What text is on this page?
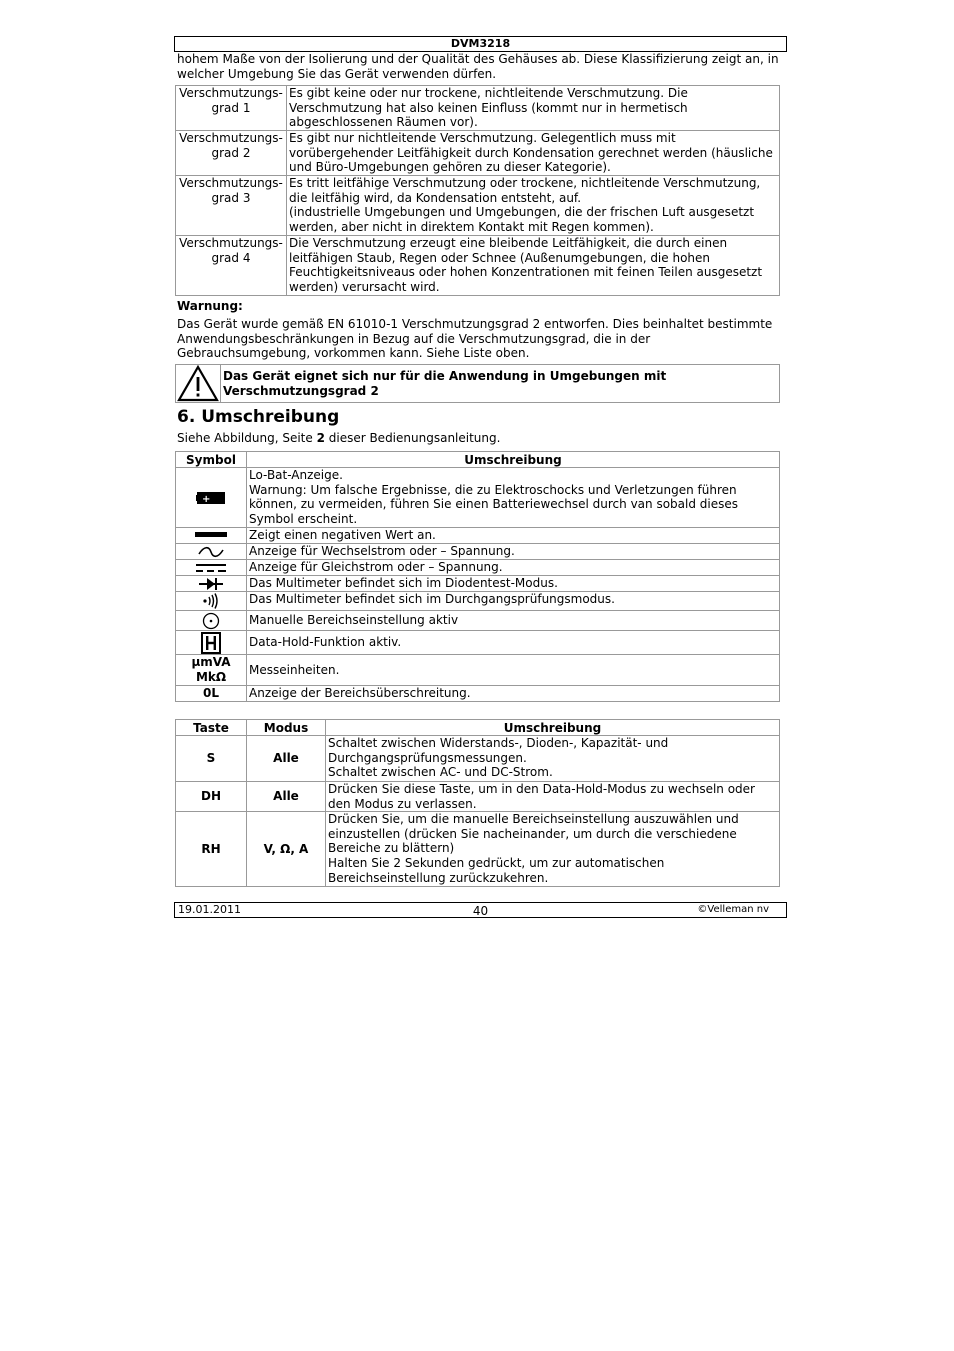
DVM3218

hohem Maße von der Isolierung und der Qualität des Gehäuses ab. Diese Klassifizierung zeigt an, in welcher Umgebung Sie das Gerät verwenden dürfen.

Verschmutzungs-
grad 1	Es gibt keine oder nur trockene, nichtleitende Verschmutzung. Die Verschmutzung hat also keinen Einfluss (kommt nur in hermetisch abgeschlossenen Räumen vor).
Verschmutzungs-
grad 2	Es gibt nur nichtleitende Verschmutzung. Gelegentlich muss mit vorübergehender Leitfähigkeit durch Kondensation gerechnet werden (häusliche und Büro-Umgebungen gehören zu dieser Kategorie).
Verschmutzungs-
grad 3	Es tritt leitfähige Verschmutzung oder trockene, nichtleitende Verschmutzung, die leitfähig wird, da Kondensation entsteht, auf.
(industrielle Umgebungen und Umgebungen, die der frischen Luft ausgesetzt werden, aber nicht in direktem Kontakt mit Regen kommen).
Verschmutzungs-
grad 4	Die Verschmutzung erzeugt eine bleibende Leitfähigkeit, die durch einen leitfähigen Staub, Regen oder Schnee (Außenumgebungen, die hohen Feuchtigkeitsniveaus oder hohen Konzentrationen mit feinen Teilen ausgesetzt werden) verursacht wird.

Warnung:

Das Gerät wurde gemäß EN 61010-1 Verschmutzungsgrad 2 entworfen. Dies beinhaltet bestimmte Anwendungsbeschränkungen in Bezug auf die Verschmutzungsgrad, die in der Gebrauchsumgebung, vorkommen kann. Siehe Liste oben.

Das Gerät eignet sich nur für die Anwendung in Umgebungen mit Verschmutzungsgrad 2
6. Umschreibung

Siehe Abbildung, Seite 2 dieser Bedienungsanleitung.

Symbol	Umschreibung

+	Lo-Bat-Anzeige.
Warnung: Um falsche Ergebnisse, die zu Elektroschocks und Verletzungen führen können, zu vermeiden, führen Sie einen Batteriewechsel durch van sobald dieses Symbol erscheint.

	Zeigt einen negativen Wert an.

	Anzeige für Wechselstrom oder – Spannung.

	Anzeige für Gleichstrom oder – Spannung.

	Das Multimeter befindet sich im Diodentest-Modus.

	Das Multimeter befindet sich im Durchgangsprüfungsmodus.

	Manuelle Bereichseinstellung aktiv

	Data-Hold-Funktion aktiv.
μmVA
MkΩ	Messeinheiten.
0L	Anzeige der Bereichsüberschreitung.
Taste	Modus	Umschreibung
S	Alle	Schaltet zwischen Widerstands-, Dioden-, Kapazität- und Durchgangsprüfungsmessungen.
Schaltet zwischen AC- und DC-Strom.
DH	Alle	Drücken Sie diese Taste, um in den Data-Hold-Modus zu wechseln oder den Modus zu verlassen.
RH	V, Ω, A	Drücken Sie, um die manuelle Bereichseinstellung auszuwählen und einzustellen (drücken Sie nacheinander, um durch die verschiedene Bereiche zu blättern)
Halten Sie 2 Sekunden gedrückt, um zur automatischen Bereichseinstellung zurückzukehren.
19.01.2011	40	©Velleman nv
